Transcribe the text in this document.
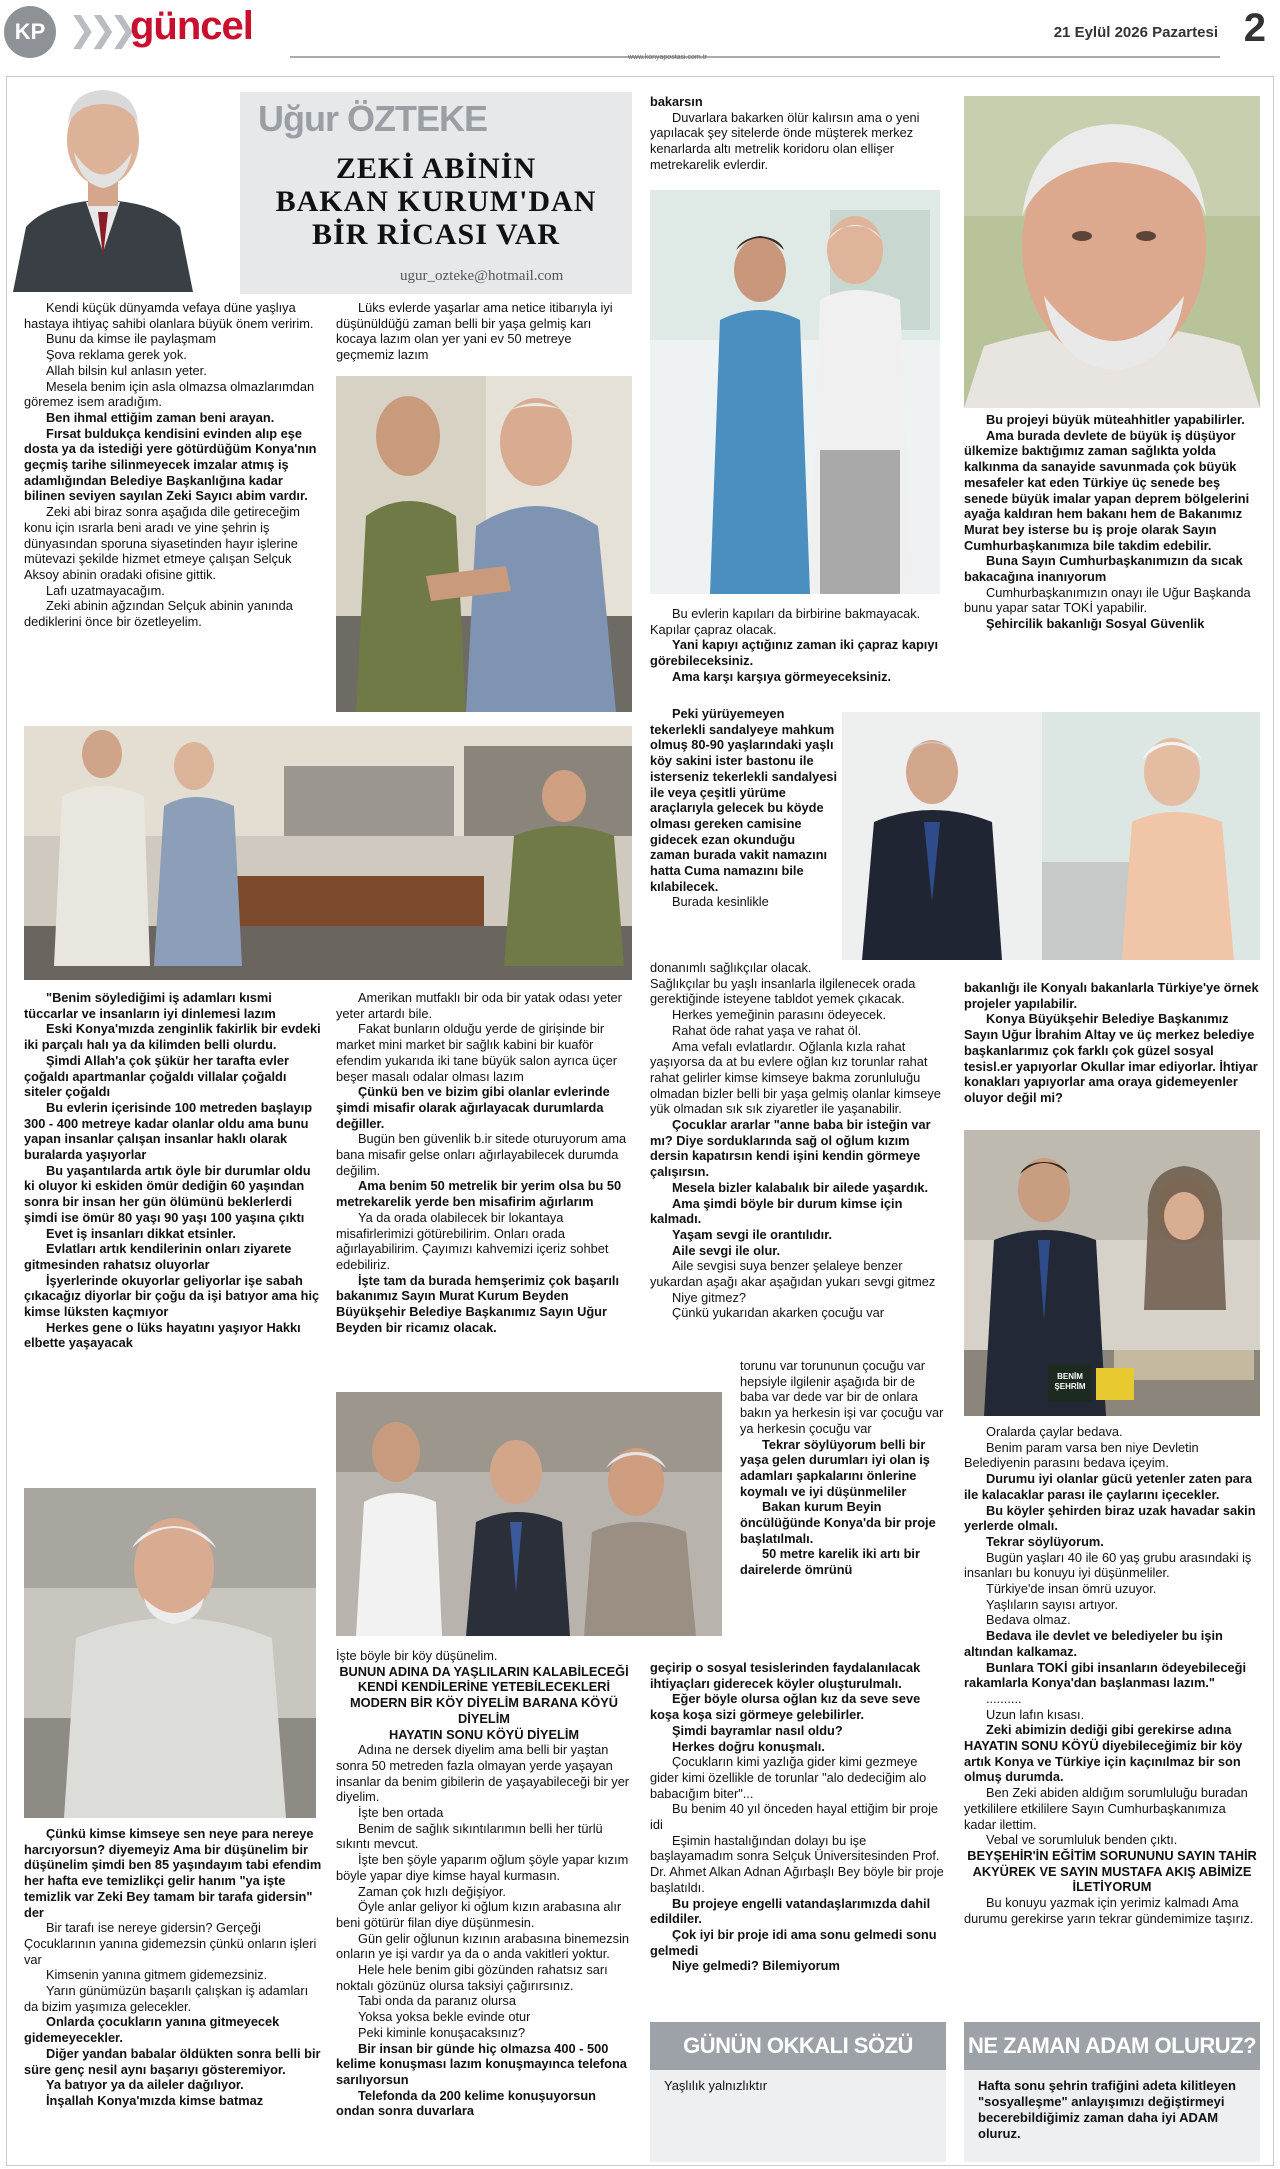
KP ❯❯❯ güncel
www.konyapostasi.com.tr
21 Eylül 2026 Pazartesi 2
Uğur ÖZTEKE
ZEKİ ABİNİN
BAKAN KURUM'DAN
BİR RİCASI VAR
ugur_ozteke@hotmail.com

Kendi küçük dünyamda vefaya düne yaşlıya hastaya ihtiyaç sahibi olanlara büyük önem veririm.

Bunu da kimse ile paylaşmam

Şova reklama gerek yok.

Allah bilsin kul anlasın yeter.

Mesela benim için asla olmazsa olmazlarımdan göremez isem aradığım.

Ben ihmal ettiğim zaman beni arayan.

Fırsat buldukça kendisini evinden alıp eşe dosta ya da istediği yere götürdüğüm Konya'nın geçmiş tarihe silinmeyecek imzalar atmış iş adamlığından Belediye Başkanlığına kadar bilinen seviyen sayılan Zeki Sayıcı abim vardır.

Zeki abi biraz sonra aşağıda dile getireceğim konu için ısrarla beni aradı ve yine şehrin iş dünyasından sporuna siyasetinden hayır işlerine mütevazi şekilde hizmet etmeye çalışan Selçuk Aksoy abinin oradaki ofisine gittik.

Lafı uzatmayacağım.

Zeki abinin ağzından Selçuk abinin yanında dediklerini önce bir özetleyelim.

Lüks evlerde yaşarlar ama netice itibarıyla iyi düşünüldüğü zaman belli bir yaşa gelmiş karı kocaya lazım olan yer yani ev 50 metreye geçmemiz lazım

bakarsın

Duvarlara bakarken ölür kalırsın ama o yeni yapılacak şey sitelerde önde müşterek merkez kenarlarda altı metrelik koridoru olan ellişer metrekarelik evlerdir.

Bu evlerin kapıları da birbirine bakmayacak. Kapılar çapraz olacak.

Yani kapıyı açtığınız zaman iki çapraz kapıyı görebileceksiniz.

Ama karşı karşıya görmeyeceksiniz.

Peki yürüyemeyen tekerlekli sandalyeye mahkum olmuş 80-90 yaşlarındaki yaşlı köy sakini ister bastonu ile isterseniz tekerlekli sandalyesi ile veya çeşitli yürüme araçlarıyla gelecek bu köyde olması gereken camisine gidecek ezan okunduğu zaman burada vakit namazını hatta Cuma namazını bile kılabilecek.

Burada kesinlikle

Bu projeyi büyük müteahhitler yapabilirler.

Ama burada devlete de büyük iş düşüyor ülkemize baktığımız zaman sağlıkta yolda kalkınma da sanayide savunmada çok büyük mesafeler kat eden Türkiye üç senede beş senede büyük imalar yapan deprem bölgelerini ayağa kaldıran hem bakanı hem de Bakanımız Murat bey isterse bu iş proje olarak Sayın Cumhurbaşkanımıza bile takdim edebilir.

Buna Sayın Cumhurbaşkanımızın da sıcak bakacağına inanıyorum

Cumhurbaşkanımızın onayı ile Uğur Başkanda bunu yapar satar TOKİ yapabilir.

Şehircilik bakanlığı Sosyal Güvenlik

"Benim söylediğimi iş adamları kısmi tüccarlar ve insanların iyi dinlemesi lazım

Eski Konya'mızda zenginlik fakirlik bir evdeki iki parçalı halı ya da kilimden belli olurdu.

Şimdi Allah'a çok şükür her tarafta evler çoğaldı apartmanlar çoğaldı villalar çoğaldı siteler çoğaldı

Bu evlerin içerisinde 100 metreden başlayıp 300 - 400 metreye kadar olanlar oldu ama bunu yapan insanlar çalışan insanlar haklı olarak buralarda yaşıyorlar

Bu yaşantılarda artık öyle bir durumlar oldu ki oluyor ki eskiden ömür dediğin 60 yaşından sonra bir insan her gün ölümünü beklerlerdi şimdi ise ömür 80 yaşı 90 yaşı 100 yaşına çıktı

Evet iş insanları dikkat etsinler.

Evlatları artık kendilerinin onları ziyarete gitmesinden rahatsız oluyorlar

İşyerlerinde okuyorlar geliyorlar işe sabah çıkacağız diyorlar bir çoğu da işi batıyor ama hiç kimse lüksten kaçmıyor

Herkes gene o lüks hayatını yaşıyor Hakkı elbette yaşayacak

Amerikan mutfaklı bir oda bir yatak odası yeter yeter artardı bile.

Fakat bunların olduğu yerde de girişinde bir market mini market bir sağlık kabini bir kuaför efendim yukarıda iki tane büyük salon ayrıca üçer beşer masalı odalar olması lazım

Çünkü ben ve bizim gibi olanlar evlerinde şimdi misafir olarak ağırlayacak durumlarda değiller.

Bugün ben güvenlik b.ir sitede oturuyorum ama bana misafir gelse onları ağırlayabilecek durumda değilim.

Ama benim 50 metrelik bir yerim olsa bu 50 metrekarelik yerde ben misafirim ağırlarım

Ya da orada olabilecek bir lokantaya misafirlerimizi götürebilirim. Onları orada ağırlayabilirim. Çayımızı kahvemizi içeriz sohbet edebiliriz.

İşte tam da burada hemşerimiz çok başarılı bakanımız Sayın Murat Kurum Beyden Büyükşehir Belediye Başkanımız Sayın Uğur Beyden bir ricamız olacak.

donanımlı sağlıkçılar olacak.

Sağlıkçılar bu yaşlı insanlarla ilgilenecek orada gerektiğinde isteyene tabldot yemek çıkacak.

Herkes yemeğinin parasını ödeyecek.

Rahat öde rahat yaşa ve rahat öl.

Ama vefalı evlatlardır. Oğlanla kızla rahat yaşıyorsa da at bu evlere oğlan kız torunlar rahat rahat gelirler kimse kimseye bakma zorunluluğu olmadan bizler belli bir yaşa gelmiş olanlar kimseye yük olmadan sık sık ziyaretler ile yaşanabilir.

Çocuklar ararlar "anne baba bir isteğin var mı? Diye sorduklarında sağ ol oğlum kızım dersin kapatırsın kendi işini kendin görmeye çalışırsın.

Mesela bizler kalabalık bir ailede yaşardık.

Ama şimdi böyle bir durum kimse için kalmadı.

Yaşam sevgi ile orantılıdır.

Aile sevgi ile olur.

Aile sevgisi suya benzer şelaleye benzer yukardan aşağı akar aşağıdan yukarı sevgi gitmez

Niye gitmez?

Çünkü yukarıdan akarken çocuğu var

torunu var torununun çocuğu var hepsiyle ilgilenir aşağıda bir de baba var dede var bir de onlara bakın ya herkesin işi var çocuğu var ya herkesin çocuğu var

Tekrar söylüyorum belli bir yaşa gelen durumları iyi olan iş adamları şapkalarını önlerine koymalı ve iyi düşünmeliler

Bakan kurum Beyin öncülüğünde Konya'da bir proje başlatılmalı.

50 metre karelik iki artı bir dairelerde ömrünü

bakanlığı ile Konyalı bakanlarla Türkiye'ye örnek projeler yapılabilir.

Konya Büyükşehir Belediye Başkanımız Sayın Uğur İbrahim Altay ve üç merkez belediye başkanlarımız çok farklı çok güzel sosyal tesisl.er yapıyorlar Okullar imar ediyorlar. İhtiyar konakları yapıyorlar ama oraya gidemeyenler oluyor değil mi?

Çünkü kimse kimseye sen neye para nereye harcıyorsun? diyemeyiz Ama bir düşünelim bir düşünelim şimdi ben 85 yaşındayım tabi efendim her hafta eve temizlikçi gelir hanım "ya işte temizlik var Zeki Bey tamam bir tarafa gidersin" der

Bir tarafı ise nereye gidersin? Gerçeği Çocuklarının yanına gidemezsin çünkü onların işleri var

Kimsenin yanına gitmem gidemezsiniz.

Yarın günümüzün başarılı çalışkan iş adamları da bizim yaşımıza gelecekler.

Onlarda çocukların yanına gitmeyecek gidemeyecekler.

Diğer yandan babalar öldükten sonra belli bir süre genç nesil aynı başarıyı gösteremiyor.

Ya batıyor ya da aileler dağılıyor.

İnşallah Konya'mızda kimse batmaz

İşte böyle bir köy düşünelim.

BUNUN ADINA DA YAŞLILARIN KALABİLECEĞİ KENDİ KENDİLERİNE YETEBİLECEKLERİ MODERN BİR KÖY DİYELİM BARANA KÖYÜ DİYELİM

HAYATIN SONU KÖYÜ DİYELİM

Adına ne dersek diyelim ama belli bir yaştan sonra 50 metreden fazla olmayan yerde yaşayan insanlar da benim gibilerin de yaşayabileceği bir yer diyelim.

İşte ben ortada

Benim de sağlık sıkıntılarımın belli her türlü sıkıntı mevcut.

İşte ben şöyle yaparım oğlum şöyle yapar kızım böyle yapar diye kimse hayal kurmasın.

Zaman çok hızlı değişiyor.

Öyle anlar geliyor ki oğlum kızın arabasına alır beni götürür filan diye düşünmesin.

Gün gelir oğlunun kızının arabasına binemezsin onların ye işi vardır ya da o anda vakitleri yoktur.

Hele hele benim gibi gözünden rahatsız sarı noktalı gözünüz olursa taksiyi çağırırsınız.

Tabi onda da paranız olursa

Yoksa yoksa bekle evinde otur

Peki kiminle konuşacaksınız?

Bir insan bir günde hiç olmazsa 400 - 500 kelime konuşması lazım konuşmayınca telefona sarılıyorsun

Telefonda da 200 kelime konuşuyorsun ondan sonra duvarlara

geçirip o sosyal tesislerinden faydalanılacak ihtiyaçları giderecek köyler oluşturulmalı.

Eğer böyle olursa oğlan kız da seve seve koşa koşa sizi görmeye gelebilirler.

Şimdi bayramlar nasıl oldu?

Herkes doğru konuşmalı.

Çocukların kimi yazlığa gider kimi gezmeye gider kimi özellikle de torunlar "alo dedeciğim alo babacığım biter"...

Bu benim 40 yıl önceden hayal ettiğim bir proje idi

Eşimin hastalığından dolayı bu işe başlayamadım sonra Selçuk Üniversitesinden Prof. Dr. Ahmet Alkan Adnan Ağırbaşlı Bey böyle bir proje başlatıldı.

Bu projeye engelli vatandaşlarımızda dahil edildiler.

Çok iyi bir proje idi ama sonu gelmedi sonu gelmedi

Niye gelmedi? Bilemiyorum

Oralarda çaylar bedava.

Benim param varsa ben niye Devletin Belediyenin parasını bedava içeyim.

Durumu iyi olanlar gücü yetenler zaten para ile kalacaklar parası ile çaylarını içecekler.

Bu köyler şehirden biraz uzak havadar sakin yerlerde olmalı.

Tekrar söylüyorum.

Bugün yaşları 40 ile 60 yaş grubu arasındaki iş insanları bu konuyu iyi düşünmeliler.

Türkiye'de insan ömrü uzuyor.

Yaşlıların sayısı artıyor.

Bedava olmaz.

Bedava ile devlet ve belediyeler bu işin altından kalkamaz.

Bunlara TOKİ gibi insanların ödeyebileceği rakamlarla Konya'dan başlanması lazım."

..........

Uzun lafın kısası.

Zeki abimizin dediği gibi gerekirse adına HAYATIN SONU KÖYÜ diyebileceğimiz bir köy artık Konya ve Türkiye için kaçınılmaz bir son olmuş durumda.

Ben Zeki abiden aldığım sorumluluğu buradan yetkililere etkililere Sayın Cumhurbaşkanımıza kadar ilettim.

Vebal ve sorumluluk benden çıktı.

BEYŞEHİR'İN EĞİTİM SORUNUNU SAYIN TAHİR AKYÜREK VE SAYIN MUSTAFA AKIŞ ABİMİZE İLETİYORUM

Bu konuyu yazmak için yerimiz kalmadı Ama durumu gerekirse yarın tekrar gündemimize taşırız.

BENİM ŞEHRİM
GÜNÜN OKKALI SÖZÜ
Yaşlılık yalnızlıktır
NE ZAMAN ADAM OLURUZ?
Hafta sonu şehrin trafiğini adeta kilitleyen "sosyalleşme" anlayışımızı değiştirmeyi becerebildiğimiz zaman daha iyi ADAM oluruz.
